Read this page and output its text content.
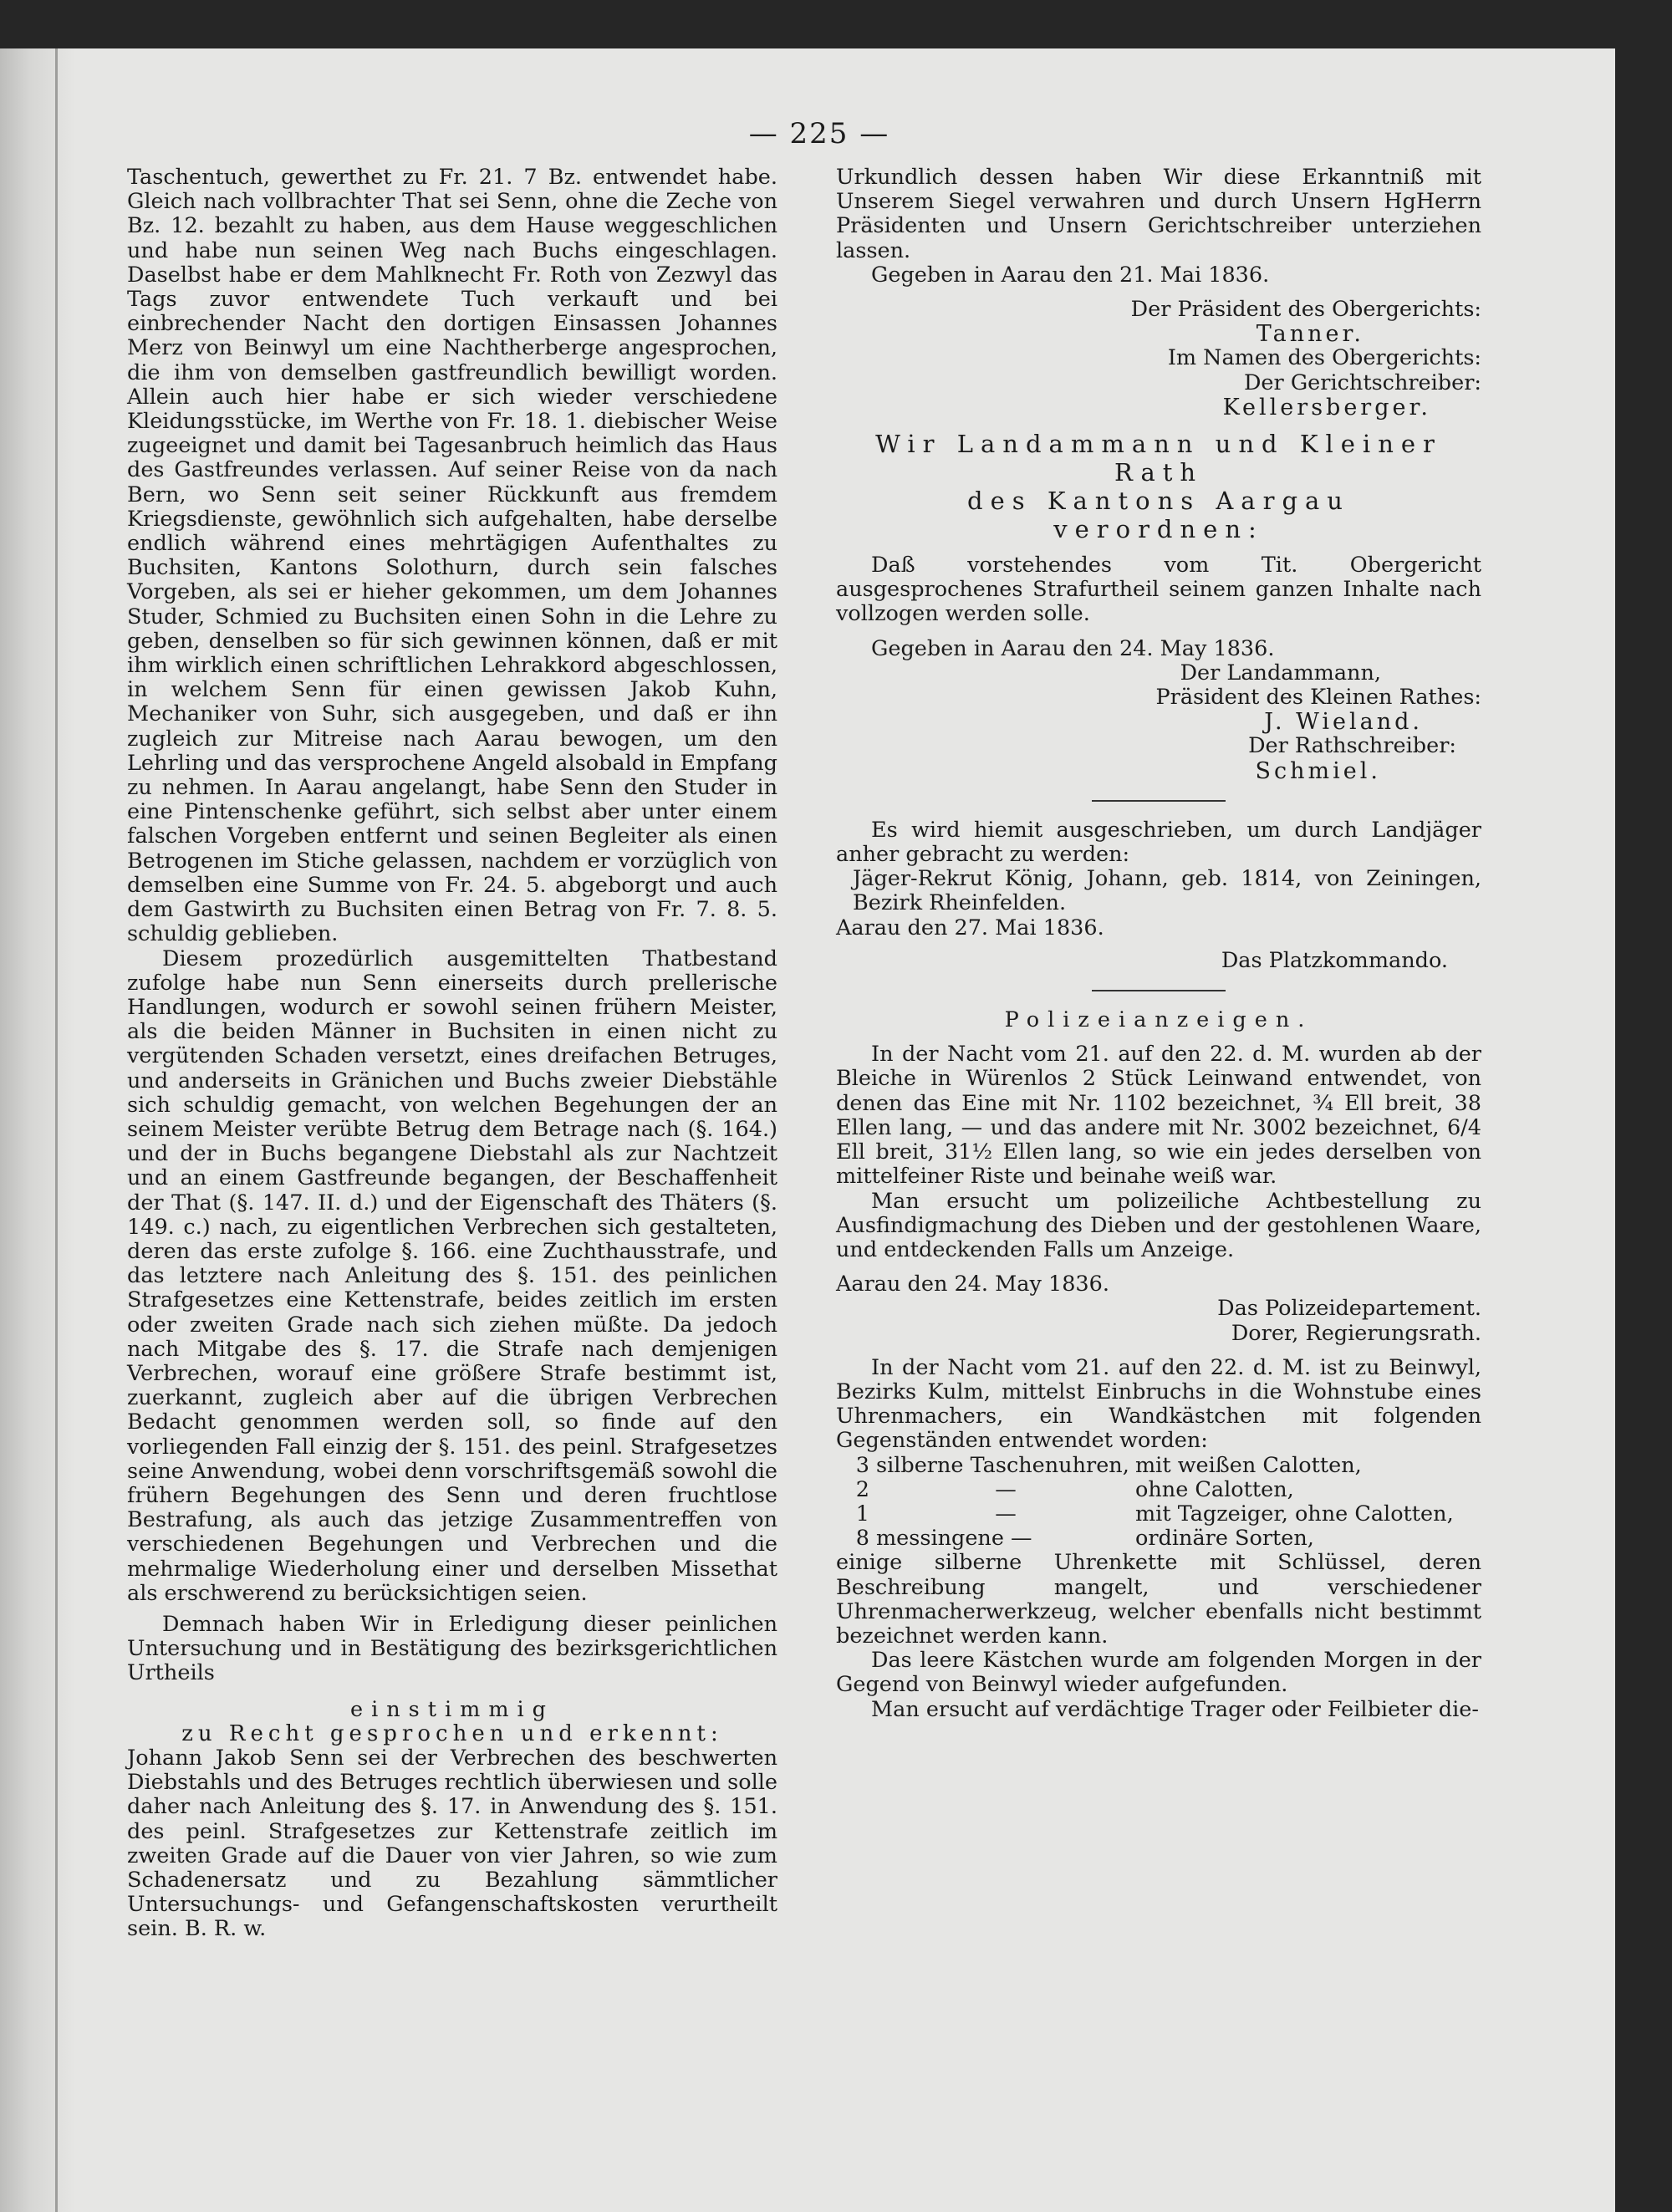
— 225 —

Taschentuch, gewerthet zu Fr. 21. 7 Bz. entwendet habe. Gleich nach vollbrachter That sei Senn, ohne die Zeche von Bz. 12. bezahlt zu haben, aus dem Hause weggeschlichen und habe nun seinen Weg nach Buchs eingeschlagen. Daselbst habe er dem Mahlknecht Fr. Roth von Zezwyl das Tags zuvor entwendete Tuch verkauft und bei einbrechender Nacht den dortigen Einsassen Johannes Merz von Beinwyl um eine Nachtherberge angesprochen, die ihm von demselben gastfreundlich bewilligt worden. Allein auch hier habe er sich wieder verschiedene Kleidungsstücke, im Werthe von Fr. 18. 1. diebischer Weise zugeeignet und damit bei Tagesanbruch heimlich das Haus des Gastfreundes verlassen. Auf seiner Reise von da nach Bern, wo Senn seit seiner Rückkunft aus fremdem Kriegsdienste, gewöhnlich sich aufgehalten, habe derselbe endlich während eines mehrtägigen Aufenthaltes zu Buchsiten, Kantons Solothurn, durch sein falsches Vorgeben, als sei er hieher gekommen, um dem Johannes Studer, Schmied zu Buchsiten einen Sohn in die Lehre zu geben, denselben so für sich gewinnen können, daß er mit ihm wirklich einen schriftlichen Lehrakkord abgeschlossen, in welchem Senn für einen gewissen Jakob Kuhn, Mechaniker von Suhr, sich ausgegeben, und daß er ihn zugleich zur Mitreise nach Aarau bewogen, um den Lehrling und das versprochene Angeld alsobald in Empfang zu nehmen. In Aarau angelangt, habe Senn den Studer in eine Pintenschenke geführt, sich selbst aber unter einem falschen Vorgeben entfernt und seinen Begleiter als einen Betrogenen im Stiche gelassen, nachdem er vorzüglich von demselben eine Summe von Fr. 24. 5. abgeborgt und auch dem Gastwirth zu Buchsiten einen Betrag von Fr. 7. 8. 5. schuldig geblieben.

Diesem prozedürlich ausgemittelten Thatbestand zufolge habe nun Senn einerseits durch prellerische Handlungen, wodurch er sowohl seinen frühern Meister, als die beiden Männer in Buchsiten in einen nicht zu vergütenden Schaden versetzt, eines dreifachen Betruges, und anderseits in Gränichen und Buchs zweier Diebstähle sich schuldig gemacht, von welchen Begehungen der an seinem Meister verübte Betrug dem Betrage nach (§. 164.) und der in Buchs begangene Diebstahl als zur Nachtzeit und an einem Gastfreunde begangen, der Beschaffenheit der That (§. 147. II. d.) und der Eigenschaft des Thäters (§. 149. c.) nach, zu eigentlichen Verbrechen sich gestalteten, deren das erste zufolge §. 166. eine Zuchthausstrafe, und das letztere nach Anleitung des §. 151. des peinlichen Strafgesetzes eine Kettenstrafe, beides zeitlich im ersten oder zweiten Grade nach sich ziehen müßte. Da jedoch nach Mitgabe des §. 17. die Strafe nach demjenigen Verbrechen, worauf eine größere Strafe bestimmt ist, zuerkannt, zugleich aber auf die übrigen Verbrechen Bedacht genommen werden soll, so finde auf den vorliegenden Fall einzig der §. 151. des peinl. Strafgesetzes seine Anwendung, wobei denn vorschriftsgemäß sowohl die frühern Begehungen des Senn und deren fruchtlose Bestrafung, als auch das jetzige Zusammentreffen von verschiedenen Begehungen und Verbrechen und die mehrmalige Wiederholung einer und derselben Missethat als erschwerend zu berücksichtigen seien.

Demnach haben Wir in Erledigung dieser peinlichen Untersuchung und in Bestätigung des bezirksgerichtlichen Urtheils

einstimmig

zu Recht gesprochen und erkennt:

Johann Jakob Senn sei der Verbrechen des beschwerten Diebstahls und des Betruges rechtlich überwiesen und solle daher nach Anleitung des §. 17. in Anwendung des §. 151. des peinl. Strafgesetzes zur Kettenstrafe zeitlich im zweiten Grade auf die Dauer von vier Jahren, so wie zum Schadenersatz und zu Bezahlung sämmtlicher Untersuchungs- und Gefangenschaftskosten verurtheilt sein. B. R. w.

Urkundlich dessen haben Wir diese Erkanntniß mit Unserem Siegel verwahren und durch Unsern HgHerrn Präsidenten und Unsern Gerichtschreiber unterziehen lassen.

Gegeben in Aarau den 21. Mai 1836.

Der Präsident des Obergerichts:

Tanner.

Im Namen des Obergerichts:

Der Gerichtschreiber:

Kellersberger.

Wir Landammann und Kleiner Rath

des Kantons Aargau

verordnen:

Daß vorstehendes vom Tit. Obergericht ausgesprochenes Strafurtheil seinem ganzen Inhalte nach vollzogen werden solle.

Gegeben in Aarau den 24. May 1836.

Der Landammann,

Präsident des Kleinen Rathes:

J. Wieland.

Der Rathschreiber:

Schmiel.

Es wird hiemit ausgeschrieben, um durch Landjäger anher gebracht zu werden:

Jäger-Rekrut König, Johann, geb. 1814, von Zeiningen, Bezirk Rheinfelden.

Aarau den 27. Mai 1836.

Das Platzkommando.

Polizeianzeigen.

In der Nacht vom 21. auf den 22. d. M. wurden ab der Bleiche in Würenlos 2 Stück Leinwand entwendet, von denen das Eine mit Nr. 1102 bezeichnet, ¾ Ell breit, 38 Ellen lang, — und das andere mit Nr. 3002 bezeichnet, 6/4 Ell breit, 31½ Ellen lang, so wie ein jedes derselben von mittelfeiner Riste und beinahe weiß war.

Man ersucht um polizeiliche Achtbestellung zu Ausfindigmachung des Dieben und der gestohlenen Waare, und entdeckenden Falls um Anzeige.

Aarau den 24. May 1836.

Das Polizeidepartement.

Dorer, Regierungsrath.

In der Nacht vom 21. auf den 22. d. M. ist zu Beinwyl, Bezirks Kulm, mittelst Einbruchs in die Wohnstube eines Uhrenmachers, ein Wandkästchen mit folgenden Gegenständen entwendet worden:

3 silberne Taschenuhren, mit weißen Calotten,
2	—	ohne Calotten,
1	—	mit Tagzeiger, ohne Calotten,
8 messingene —	ordinäre Sorten,

einige silberne Uhrenkette mit Schlüssel, deren Beschreibung mangelt, und verschiedener Uhrenmacherwerkzeug, welcher ebenfalls nicht bestimmt bezeichnet werden kann.

Das leere Kästchen wurde am folgenden Morgen in der Gegend von Beinwyl wieder aufgefunden.

Man ersucht auf verdächtige Trager oder Feilbieter die-
